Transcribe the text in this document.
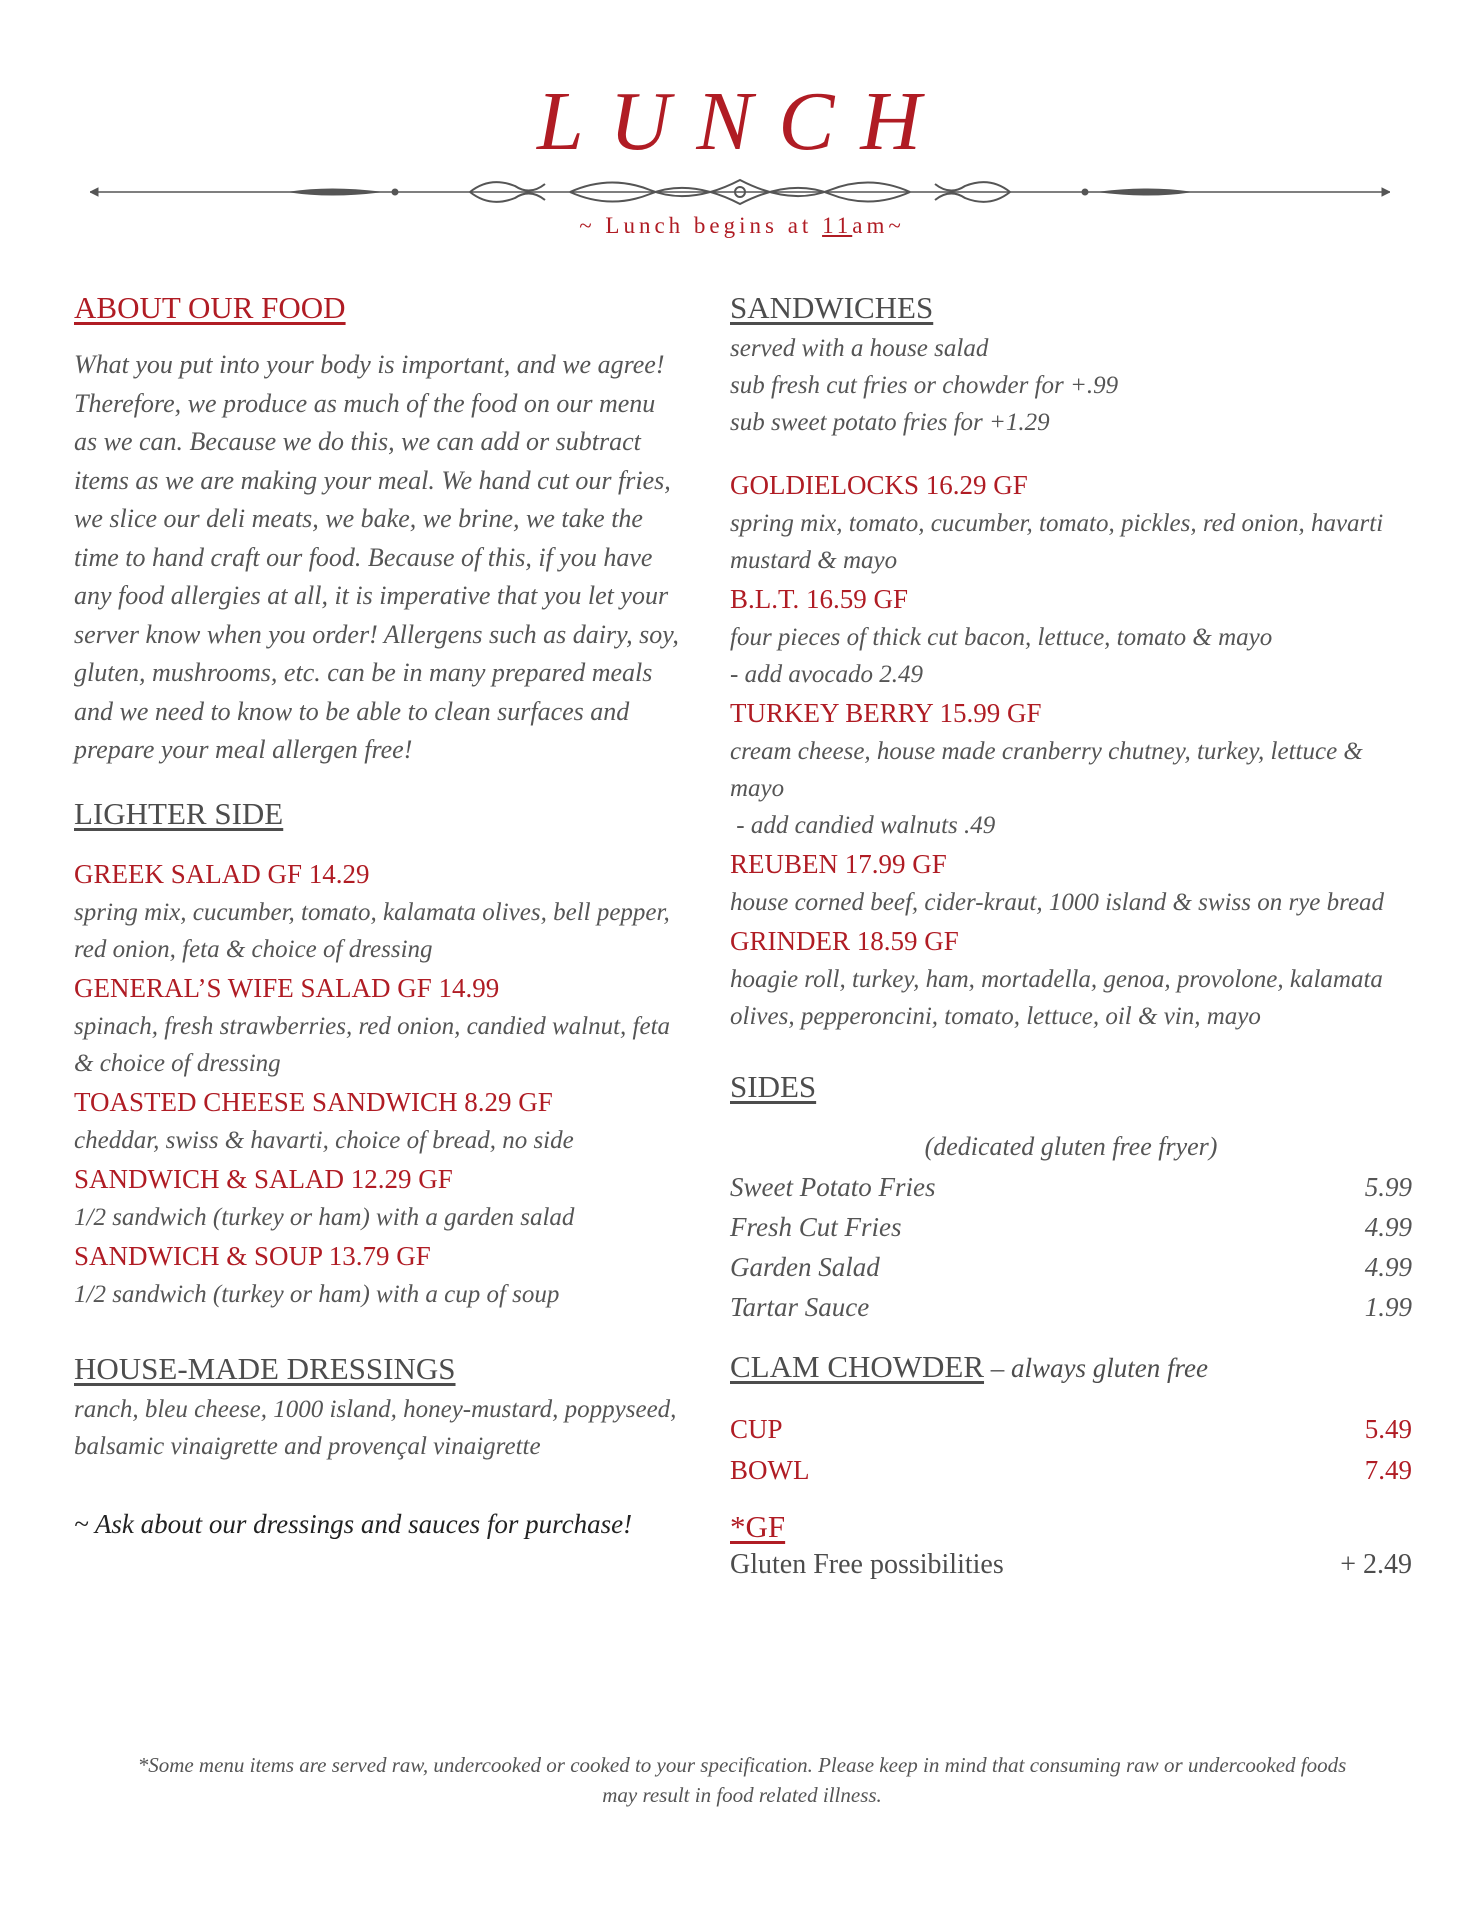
LUNCH
~ Lunch begins at 11am~
ABOUT OUR FOOD

What you put into your body is important, and we agree! Therefore, we produce as much of the food on our menu as we can. Because we do this, we can add or subtract items as we are making your meal. We hand cut our fries, we slice our deli meats, we bake, we brine, we take the time to hand craft our food. Because of this, if you have any food allergies at all, it is imperative that you let your server know when you order! Allergens such as dairy, soy, gluten, mushrooms, etc. can be in many prepared meals and we need to know to be able to clean surfaces and prepare your meal allergen free!

LIGHTER SIDE

GREEK SALAD GF 14.29

spring mix, cucumber, tomato, kalamata olives, bell pepper, red onion, feta & choice of dressing

GENERAL’S WIFE SALAD GF 14.99

spinach, fresh strawberries, red onion, candied walnut, feta & choice of dressing

TOASTED CHEESE SANDWICH 8.29 GF

cheddar, swiss & havarti, choice of bread, no side

SANDWICH & SALAD 12.29 GF

1/2 sandwich (turkey or ham) with a garden salad

SANDWICH & SOUP 13.79 GF

1/2 sandwich (turkey or ham) with a cup of soup

HOUSE-MADE DRESSINGS

ranch, bleu cheese, 1000 island, honey-mustard, poppyseed, balsamic vinaigrette and provençal vinaigrette

~ Ask about our dressings and sauces for purchase!

SANDWICHES

served with a house salad

sub fresh cut fries or chowder for +.99

sub sweet potato fries for +1.29

GOLDIELOCKS 16.29 GF

spring mix, tomato, cucumber, tomato, pickles, red onion, havarti mustard & mayo

B.L.T. 16.59 GF

four pieces of thick cut bacon, lettuce, tomato & mayo

- add avocado 2.49

TURKEY BERRY 15.99 GF

cream cheese, house made cranberry chutney, turkey, lettuce & mayo

- add candied walnuts .49

REUBEN 17.99 GF

house corned beef, cider-kraut, 1000 island & swiss on rye bread

GRINDER 18.59 GF

hoagie roll, turkey, ham, mortadella, genoa, provolone, kalamata olives, pepperoncini, tomato, lettuce, oil & vin, mayo

SIDES
(dedicated gluten free fryer)
Sweet Potato Fries	5.99
Fresh Cut Fries	4.99
Garden Salad	4.99
Tartar Sauce	1.99
CLAM CHOWDER – always gluten free
CUP	5.49
BOWL	7.49
*GF
Gluten Free possibilities	+ 2.49
*Some menu items are served raw, undercooked or cooked to your specification. Please keep in mind that consuming raw or undercooked foods may result in food related illness.
